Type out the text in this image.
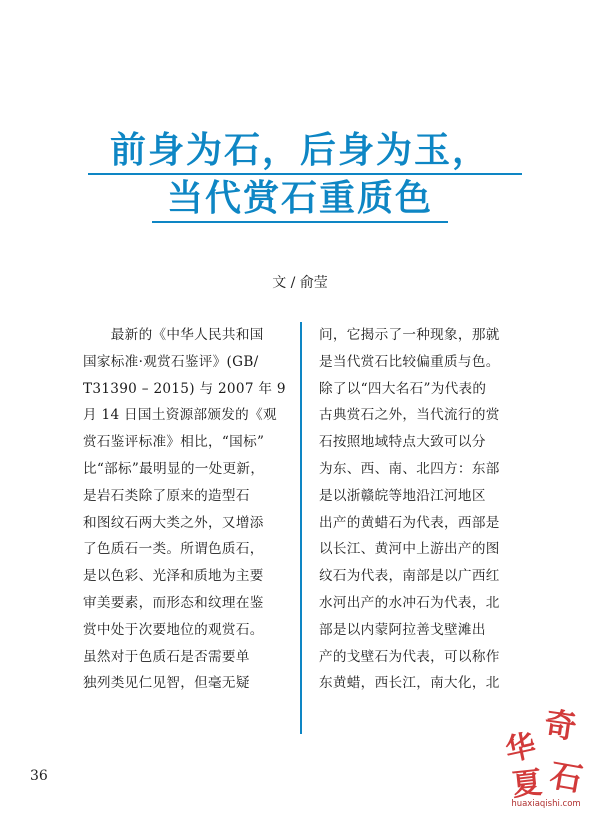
前身为石，后身为玉，
当代赏石重质色
文 / 俞莹
　　最新的《中华人民共和国
国家标准·观赏石鉴评》(GB/
T31390 – 2015) 与 2007 年 9
月 14 日国土资源部颁发的《观
赏石鉴评标准》相比，“国标”
比“部标”最明显的一处更新，
是岩石类除了原来的造型石
和图纹石两大类之外，又增添
了色质石一类。所谓色质石，
是以色彩、光泽和质地为主要
审美要素，而形态和纹理在鉴
赏中处于次要地位的观赏石。
虽然对于色质石是否需要单
独列类见仁见智，但毫无疑
问，它揭示了一种现象，那就
是当代赏石比较偏重质与色。
除了以“四大名石”为代表的
古典赏石之外，当代流行的赏
石按照地域特点大致可以分
为东、西、南、北四方：东部
是以浙赣皖等地沿江河地区
出产的黄蜡石为代表，西部是
以长江、黄河中上游出产的图
纹石为代表，南部是以广西红
水河出产的水冲石为代表，北
部是以内蒙阿拉善戈壁滩出
产的戈壁石为代表，可以称作
东黄蜡，西长江，南大化，北
36
华
奇
夏 石
huaxiaqishi.com
